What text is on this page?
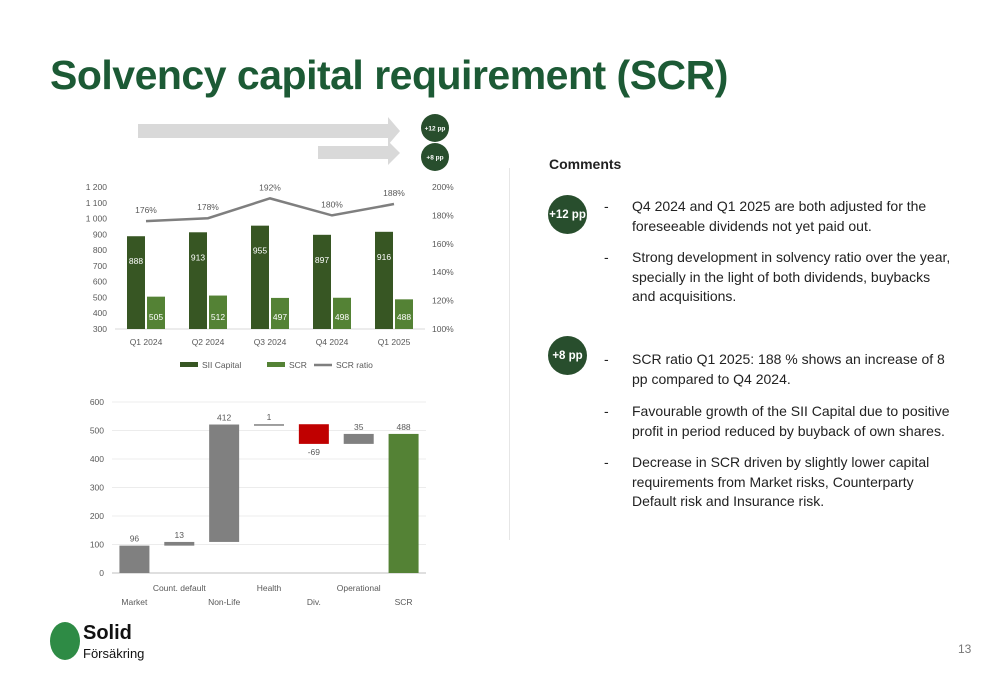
Solvency capital requirement (SCR)
+12 pp
+8 pp
300
400
500
600
700
800
900
1 000
1 100
1 200
100%
120%
140%
160%
180%
200%
888
505
Q1 2024
913
512
Q2 2024
955
497
Q3 2024
897
498
Q4 2024
916
488
Q1 2025
176%	178%
192%
180%
188%
SII Capital	SCR	SCR ratio
0
100
200
300
400
500
600
96
Market
13
Count. default
412
Non-Life
1
Health
-69
Div.
35
Operational
488
SCR
Comments
+12 pp
+8 pp
- Q4 2024 and Q1 2025 are both adjusted for the foreseeable dividends not yet paid out.
- Strong development in solvency ratio over the year, specially in the light of both dividends, buybacks and acquisitions.
- SCR ratio Q1 2025: 188 % shows an increase of 8 pp compared to Q4 2024.
- Favourable growth of the SII Capital due to positive profit in period reduced by buyback of own shares.
- Decrease in SCR driven by slightly lower capital requirements from Market risks, Counterparty Default risk and Insurance risk.
Solid
Försäkring	13
